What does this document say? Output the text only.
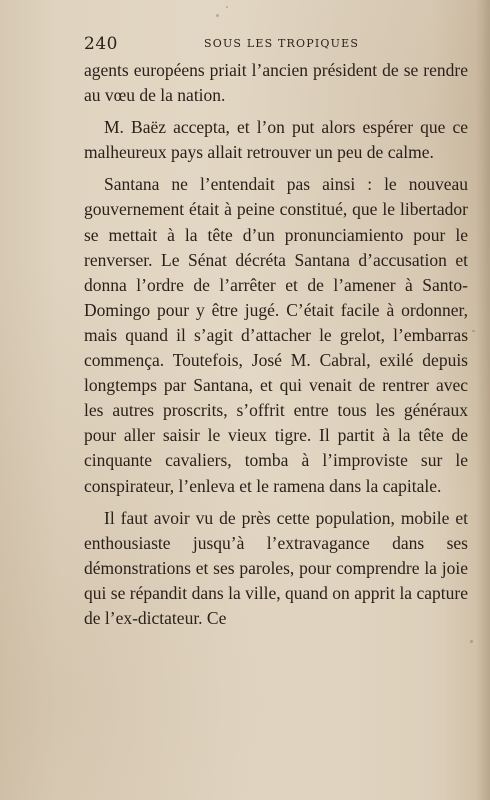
240	SOUS LES TROPIQUES

agents européens priait l’ancien président de se rendre au vœu de la nation.

M. Baëz accepta, et l’on put alors espérer que ce malheureux pays allait retrouver un peu de calme.

Santana ne l’entendait pas ainsi : le nouveau gouvernement était à peine constitué, que le libertador se mettait à la tête d’un pronunciamiento pour le renverser. Le Sénat décréta Santana d’accusation et donna l’ordre de l’arrêter et de l’amener à Santo-Domingo pour y être jugé. C’était facile à ordonner, mais quand il s’agit d’attacher le grelot, l’embarras commença. Toutefois, José M. Cabral, exilé depuis longtemps par Santana, et qui venait de rentrer avec les autres proscrits, s’offrit entre tous les généraux pour aller saisir le vieux tigre. Il partit à la tête de cinquante cavaliers, tomba à l’improviste sur le conspirateur, l’enleva et le ramena dans la capitale.

Il faut avoir vu de près cette population, mobile et enthousiaste jusqu’à l’extravagance dans ses démonstrations et ses paroles, pour comprendre la joie qui se répandit dans la ville, quand on apprit la capture de l’ex-dictateur. Ce
